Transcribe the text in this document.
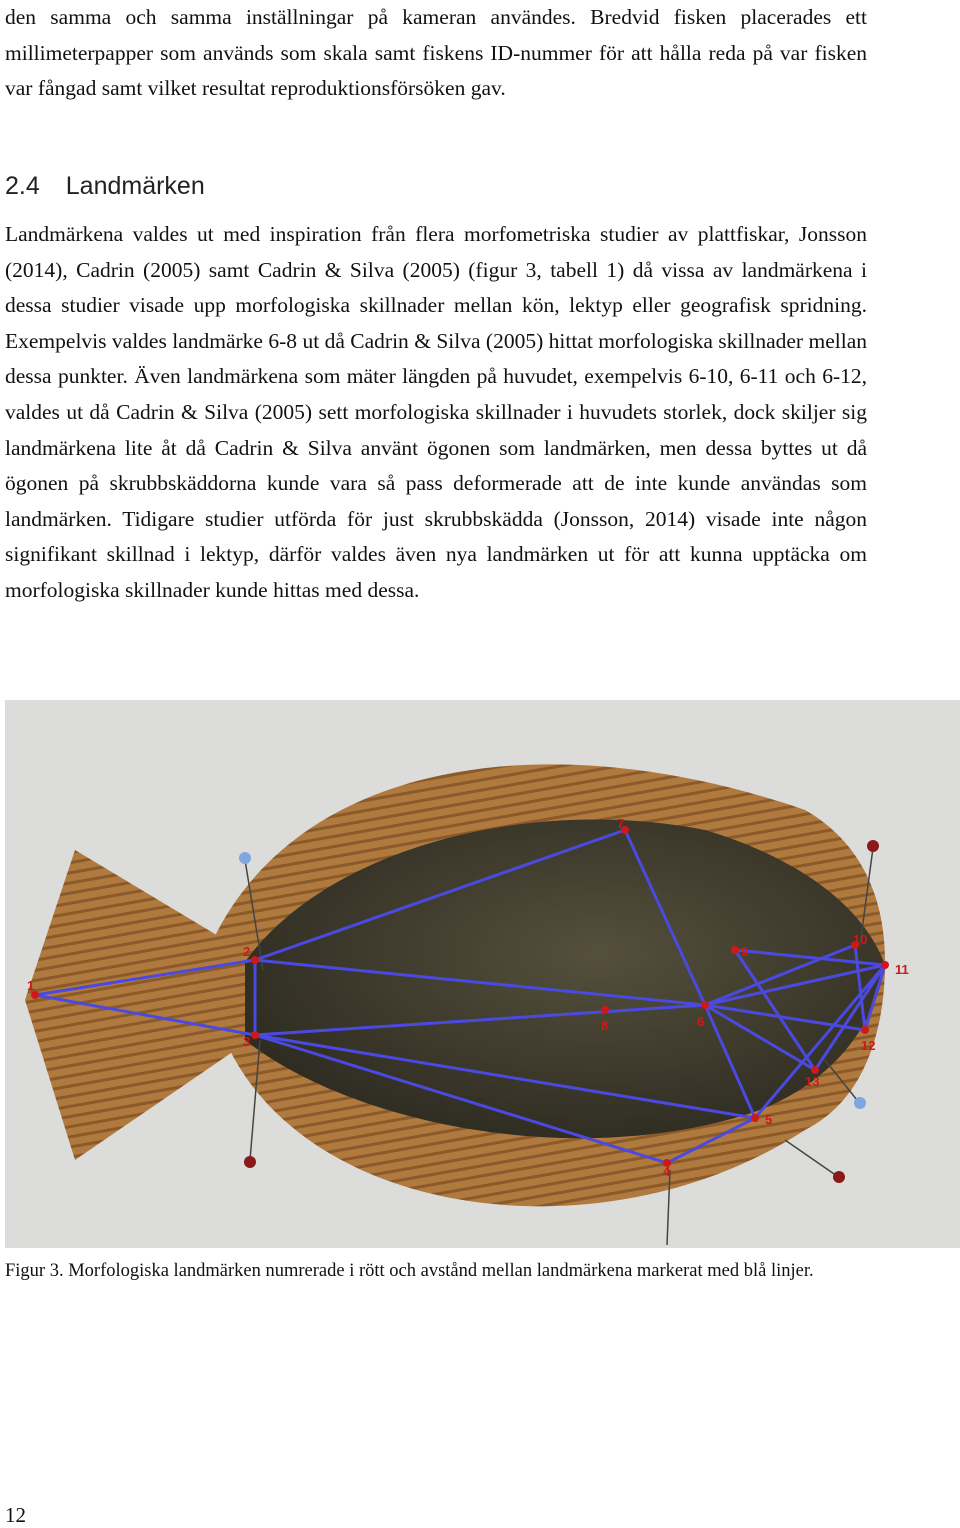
den samma och samma inställningar på kameran användes. Bredvid fisken placerades ett millimeterpapper som används som skala samt fiskens ID-nummer för att hålla reda på var fisken var fångad samt vilket resultat reproduktionsförsöken gav.

2.4 Landmärken

Landmärkena valdes ut med inspiration från flera morfometriska studier av plattfiskar, Jonsson (2014), Cadrin (2005) samt Cadrin & Silva (2005) (figur 3, tabell 1) då vissa av landmärkena i dessa studier visade upp morfologiska skillnader mellan kön, lektyp eller geografisk spridning. Exempelvis valdes landmärke 6-8 ut då Cadrin & Silva (2005) hittat morfologiska skillnader mellan dessa punkter. Även landmärkena som mäter längden på huvudet, exempelvis 6-10, 6-11 och 6-12, valdes ut då Cadrin & Silva (2005) sett morfologiska skillnader i huvudets storlek, dock skiljer sig landmärkena lite åt då Cadrin & Silva använt ögonen som landmärken, men dessa byttes ut då ögonen på skrubbskäddorna kunde vara så pass deformerade att de inte kunde användas som landmärken. Tidigare studier utförda för just skrubbskädda (Jonsson, 2014) visade inte någon signifikant skillnad i lektyp, därför valdes även nya landmärken ut för att kunna upptäcka om morfologiska skillnader kunde hittas med dessa.

1
2
3
4
5
6
7
8
9
10
11
12
13

Figur 3. Morfologiska landmärken numrerade i rött och avstånd mellan landmärkena markerat med blå linjer.

12
